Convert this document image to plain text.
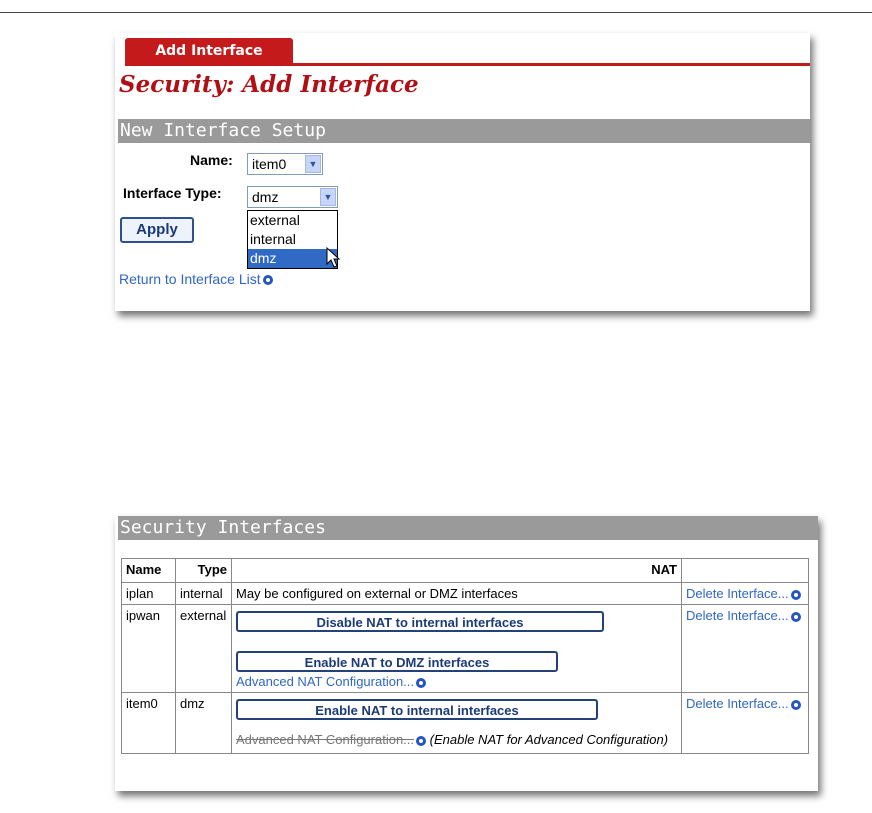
Add Interface
Security: Add Interface
New Interface Setup
Name:	item0	▼
Interface Type:	dmz	▼
external
internal
dmz
Apply
Return to Interface List
Security Interfaces
Name	Type	NAT	
iplan	internal	May be configured on external or DMZ interfaces	Delete Interface...
ipwan	external	Disable NAT to internal interfaces
Enable NAT to DMZ interfaces
Advanced NAT Configuration...	Delete Interface...
item0	dmz	Enable NAT to internal interfaces
Advanced NAT Configuration... (Enable NAT for Advanced Configuration)	Delete Interface...
